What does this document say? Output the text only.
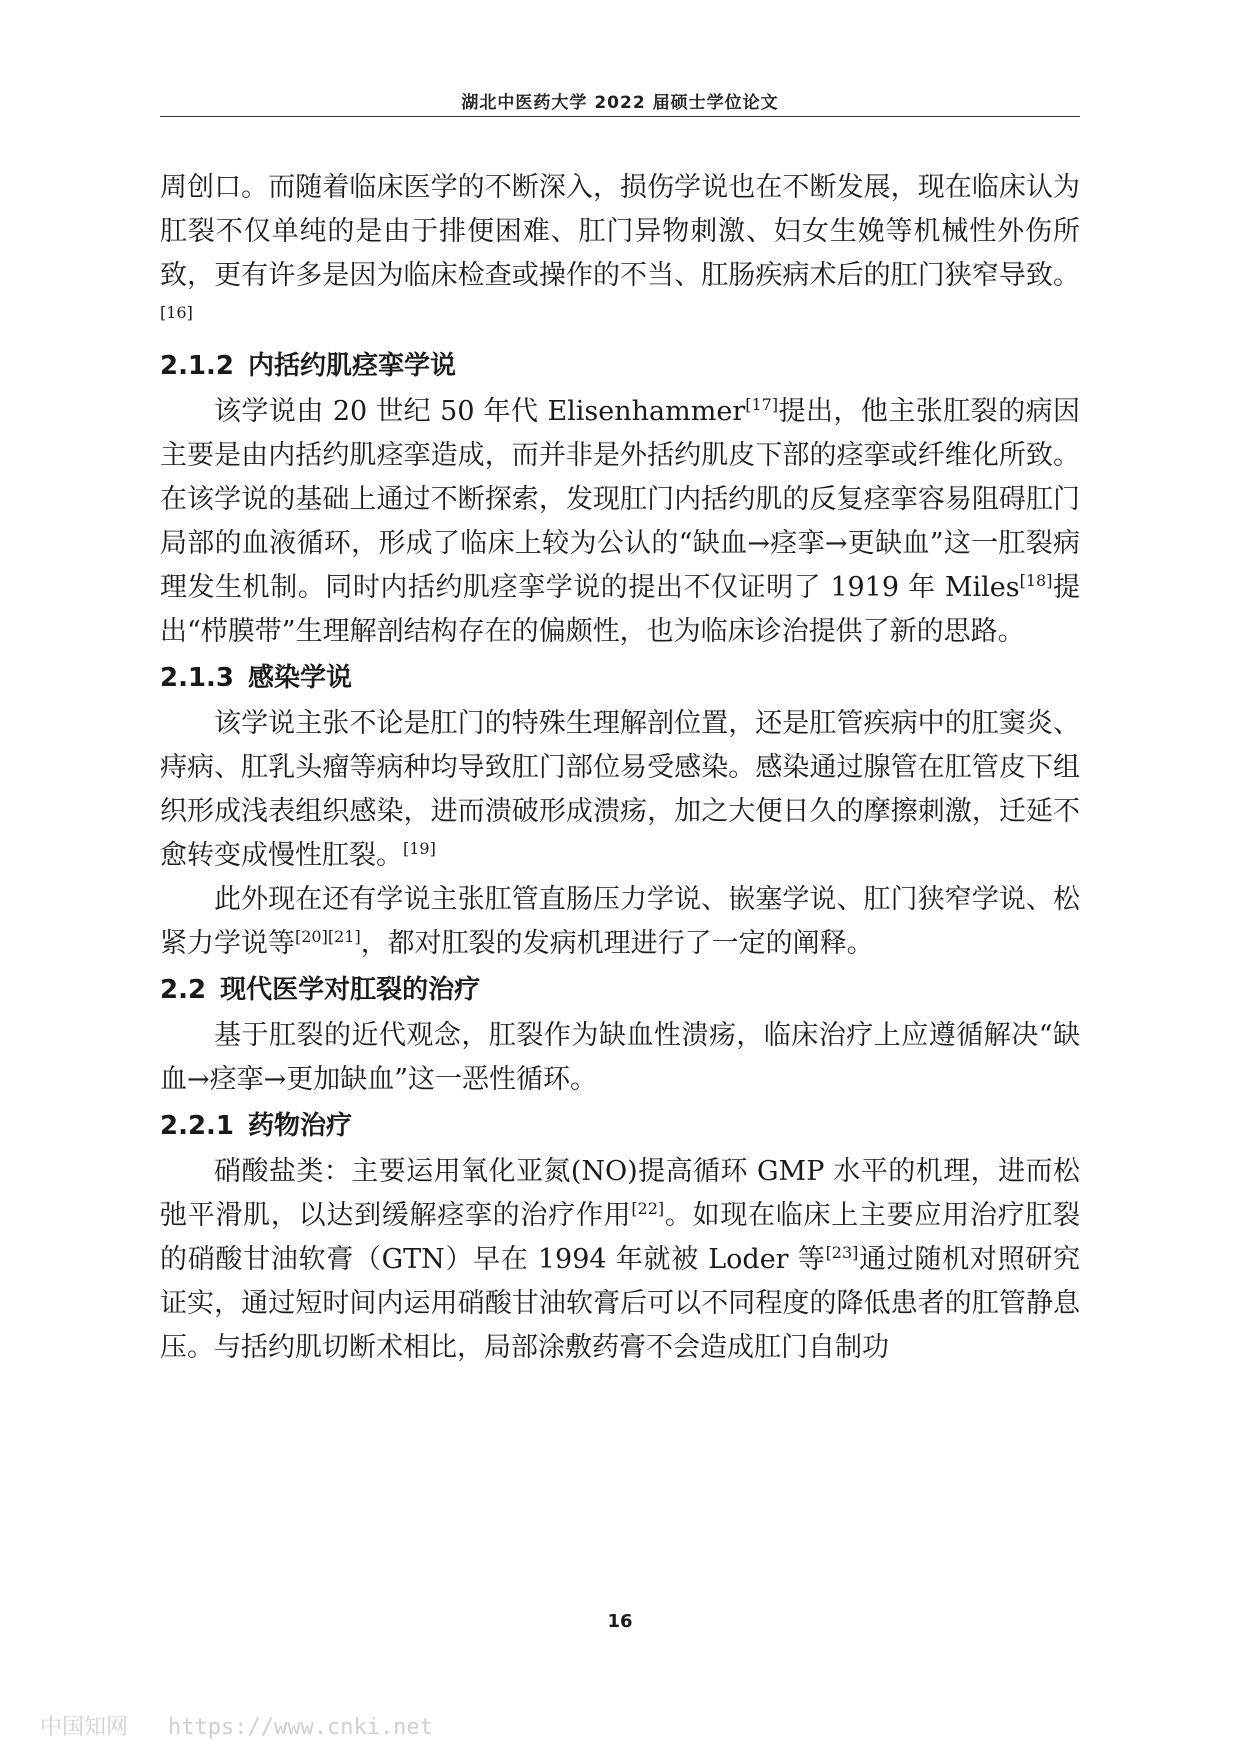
湖北中医药大学 2022 届硕士学位论文

周创口。而随着临床医学的不断深入，损伤学说也在不断发展，现在临床认为肛裂不仅单纯的是由于排便困难、肛门异物刺激、妇女生娩等机械性外伤所致，更有许多是因为临床检查或操作的不当、肛肠疾病术后的肛门狭窄导致。[16]

2.1.2 内括约肌痉挛学说

该学说由 20 世纪 50 年代 Elisenhammer[17]提出，他主张肛裂的病因主要是由内括约肌痉挛造成，而并非是外括约肌皮下部的痉挛或纤维化所致。在该学说的基础上通过不断探索，发现肛门内括约肌的反复痉挛容易阻碍肛门局部的血液循环，形成了临床上较为公认的“缺血→痉挛→更缺血”这一肛裂病理发生机制。同时内括约肌痉挛学说的提出不仅证明了 1919 年 Miles[18]提出“栉膜带”生理解剖结构存在的偏颇性，也为临床诊治提供了新的思路。

2.1.3 感染学说

该学说主张不论是肛门的特殊生理解剖位置，还是肛管疾病中的肛窦炎、痔病、肛乳头瘤等病种均导致肛门部位易受感染。感染通过腺管在肛管皮下组织形成浅表组织感染，进而溃破形成溃疡，加之大便日久的摩擦刺激，迁延不愈转变成慢性肛裂。[19]

此外现在还有学说主张肛管直肠压力学说、嵌塞学说、肛门狭窄学说、松紧力学说等[20][21]，都对肛裂的发病机理进行了一定的阐释。

2.2 现代医学对肛裂的治疗

基于肛裂的近代观念，肛裂作为缺血性溃疡，临床治疗上应遵循解决“缺血→痉挛→更加缺血”这一恶性循环。

2.2.1 药物治疗

硝酸盐类：主要运用氧化亚氮(NO)提高循环 GMP 水平的机理，进而松弛平滑肌，以达到缓解痉挛的治疗作用[22]。如现在临床上主要应用治疗肛裂的硝酸甘油软膏（GTN）早在 1994 年就被 Loder 等[23]通过随机对照研究证实，通过短时间内运用硝酸甘油软膏后可以不同程度的降低患者的肛管静息压。与括约肌切断术相比，局部涂敷药膏不会造成肛门自制功

16
中国知网 https://www.cnki.net
